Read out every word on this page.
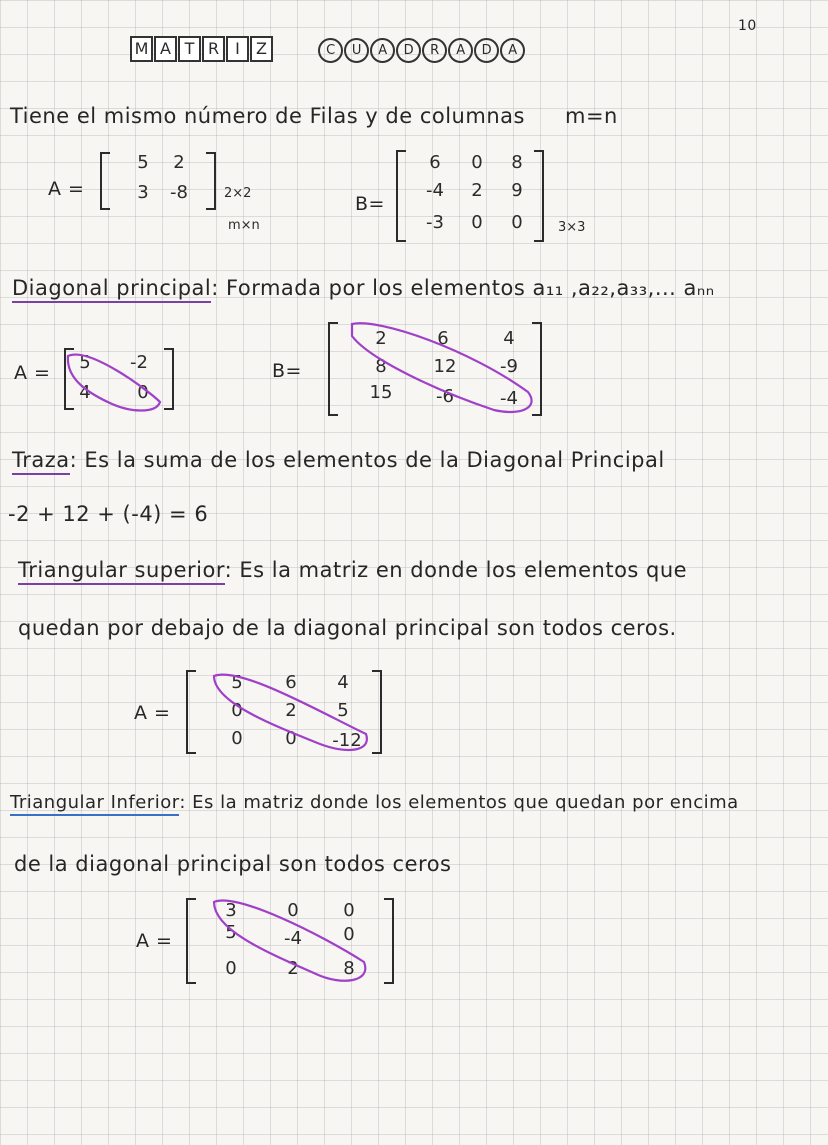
10
M A T R I Z	C U A D R A D A
Tiene el mismo número de Filas y de columnas m=n
A =
5	2
3	-8	2×2
m×n
B=
6	0	8
-4	2	9
-3	0	0	3×3
Diagonal principal: Formada por los elementos a₁₁ ,a₂₂,a₃₃,... aₙₙ
A =	5	-2
4	0
B=
2	6	4
8	12	-9
15	-6	-4
Traza: Es la suma de los elementos de la Diagonal Principal
-2 + 12 + (-4) = 6
Triangular superior: Es la matriz en donde los elementos que
quedan por debajo de la diagonal principal son todos ceros.
A =
5	6	4
0	2	5
0	0	-12
Triangular Inferior: Es la matriz donde los elementos que quedan por encima
de la diagonal principal son todos ceros
A =
3	0	0
5	-4	0
0	2	8
